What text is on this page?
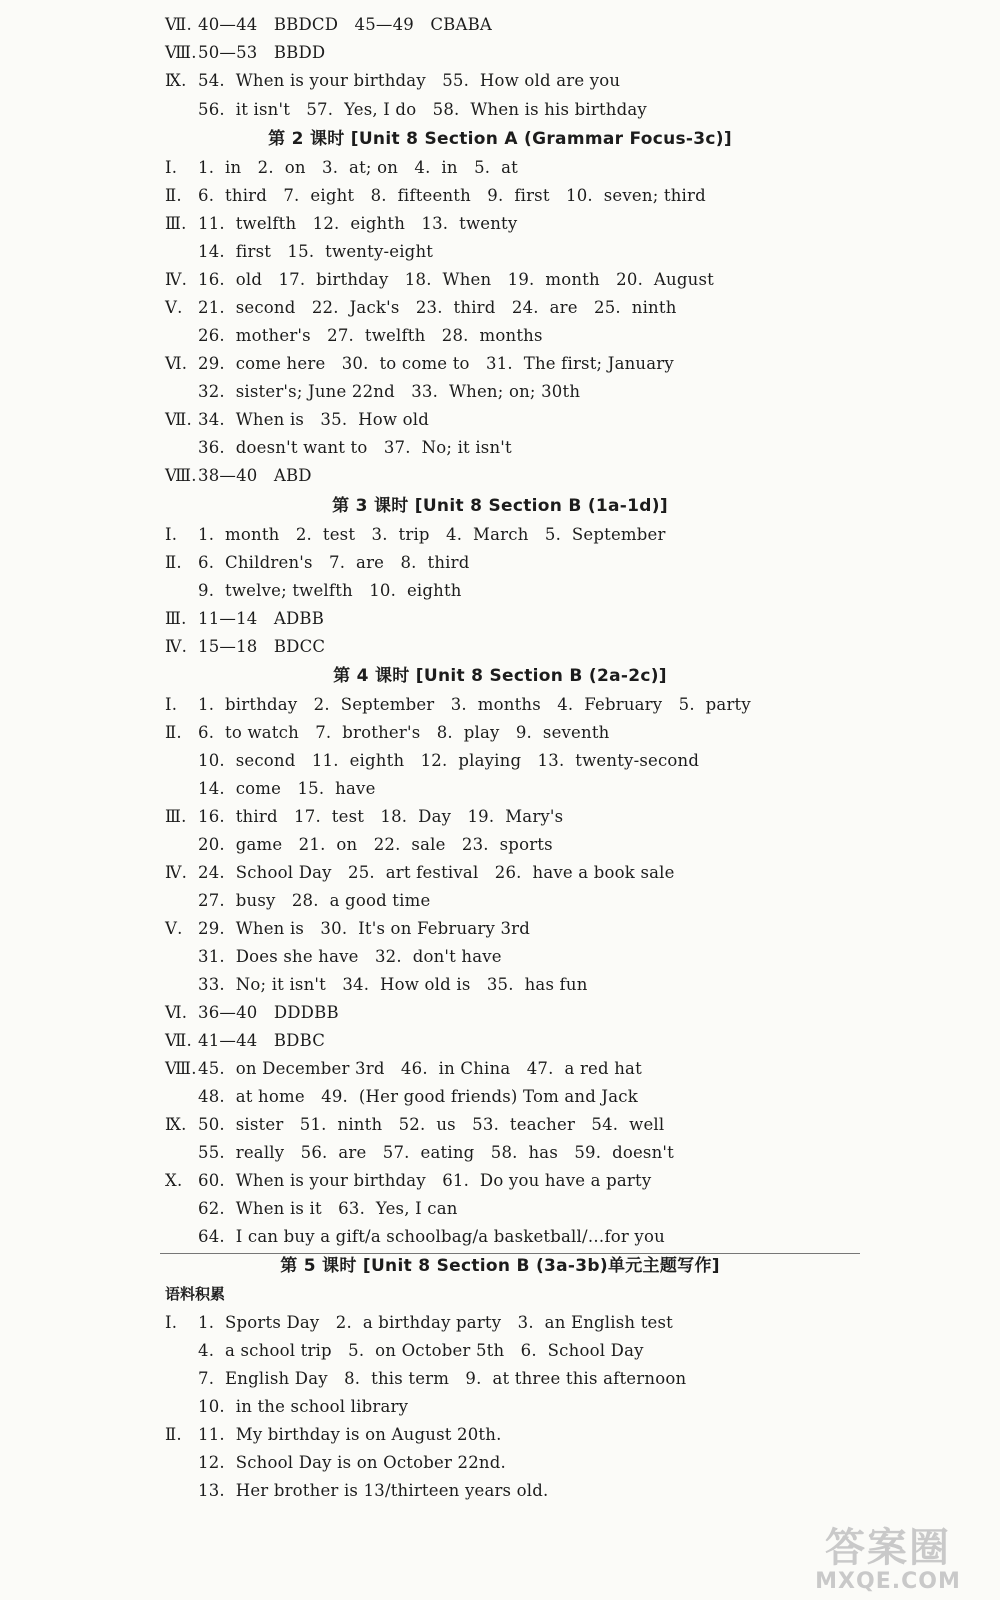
Ⅶ. 40—44   BBDCD   45—49   CBABA
Ⅷ.50—53   BBDD
Ⅸ. 54.  When is your birthday   55.  How old are you
56.  it isn't   57.  Yes, I do   58.  When is his birthday
第 2 课时 [Unit 8 Section A (Grammar Focus-3c)]
Ⅰ. 1.  in   2.  on   3.  at; on   4.  in   5.  at
Ⅱ. 6.  third   7.  eight   8.  fifteenth   9.  first   10.  seven; third
Ⅲ. 11.  twelfth   12.  eighth   13.  twenty
14.  first   15.  twenty-eight
Ⅳ. 16.  old   17.  birthday   18.  When   19.  month   20.  August
Ⅴ. 21.  second   22.  Jack's   23.  third   24.  are   25.  ninth
26.  mother's   27.  twelfth   28.  months
Ⅵ. 29.  come here   30.  to come to   31.  The first; January
32.  sister's; June 22nd   33.  When; on; 30th
Ⅶ. 34.  When is   35.  How old
36.  doesn't want to   37.  No; it isn't
Ⅷ.38—40   ABD
第 3 课时 [Unit 8 Section B (1a-1d)]
Ⅰ. 1.  month   2.  test   3.  trip   4.  March   5.  September
Ⅱ. 6.  Children's   7.  are   8.  third
9.  twelve; twelfth   10.  eighth
Ⅲ. 11—14   ADBB
Ⅳ. 15—18   BDCC
第 4 课时 [Unit 8 Section B (2a-2c)]
Ⅰ. 1.  birthday   2.  September   3.  months   4.  February   5.  party
Ⅱ. 6.  to watch   7.  brother's   8.  play   9.  seventh
10.  second   11.  eighth   12.  playing   13.  twenty-second
14.  come   15.  have
Ⅲ. 16.  third   17.  test   18.  Day   19.  Mary's
20.  game   21.  on   22.  sale   23.  sports
Ⅳ. 24.  School Day   25.  art festival   26.  have a book sale
27.  busy   28.  a good time
Ⅴ. 29.  When is   30.  It's on February 3rd
31.  Does she have   32.  don't have
33.  No; it isn't   34.  How old is   35.  has fun
Ⅵ. 36—40   DDDBB
Ⅶ. 41—44   BDBC
Ⅷ.45.  on December 3rd   46.  in China   47.  a red hat
48.  at home   49.  (Her good friends) Tom and Jack
Ⅸ. 50.  sister   51.  ninth   52.  us   53.  teacher   54.  well
55.  really   56.  are   57.  eating   58.  has   59.  doesn't
Ⅹ. 60.  When is your birthday   61.  Do you have a party
62.  When is it   63.  Yes, I can
64.  I can buy a gift/a schoolbag/a basketball/…for you
第 5 课时 [Unit 8 Section B (3a-3b)单元主题写作]
语料积累
Ⅰ. 1.  Sports Day   2.  a birthday party   3.  an English test
4.  a school trip   5.  on October 5th   6.  School Day
7.  English Day   8.  this term   9.  at three this afternoon
10.  in the school library
Ⅱ. 11.  My birthday is on August 20th.
12.  School Day is on October 22nd.
13.  Her brother is 13/thirteen years old.
答案圈
MXQE.COM
